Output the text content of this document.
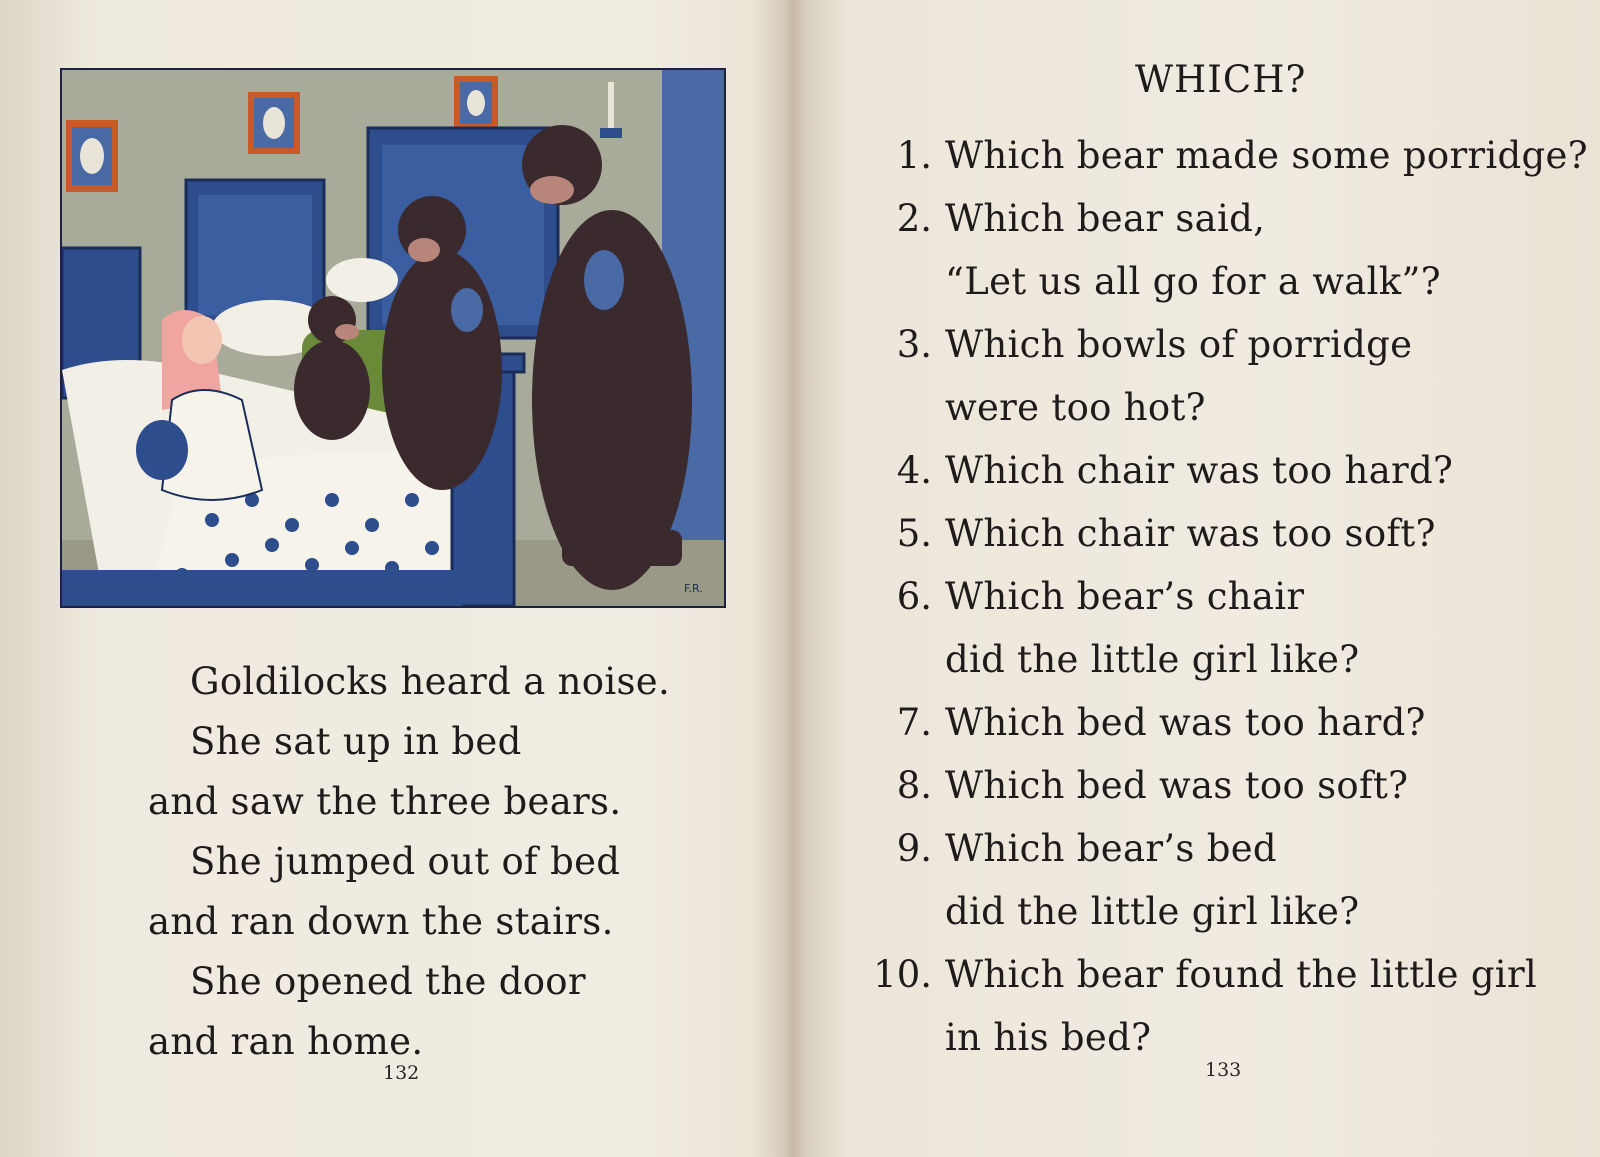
F.R.
Goldilocks heard a noise.
She sat up in bed
and saw the three bears.
She jumped out of bed
and ran down the stairs.
She opened the door
and ran home.
132
WHICH?
1. Which bear made some porridge?
2. Which bear said,
“Let us all go for a walk”?
3. Which bowls of porridge
were too hot?
4. Which chair was too hard?
5. Which chair was too soft?
6. Which bear’s chair
did the little girl like?
7. Which bed was too hard?
8. Which bed was too soft?
9. Which bear’s bed
did the little girl like?
10. Which bear found the little girl
in his bed?
133
